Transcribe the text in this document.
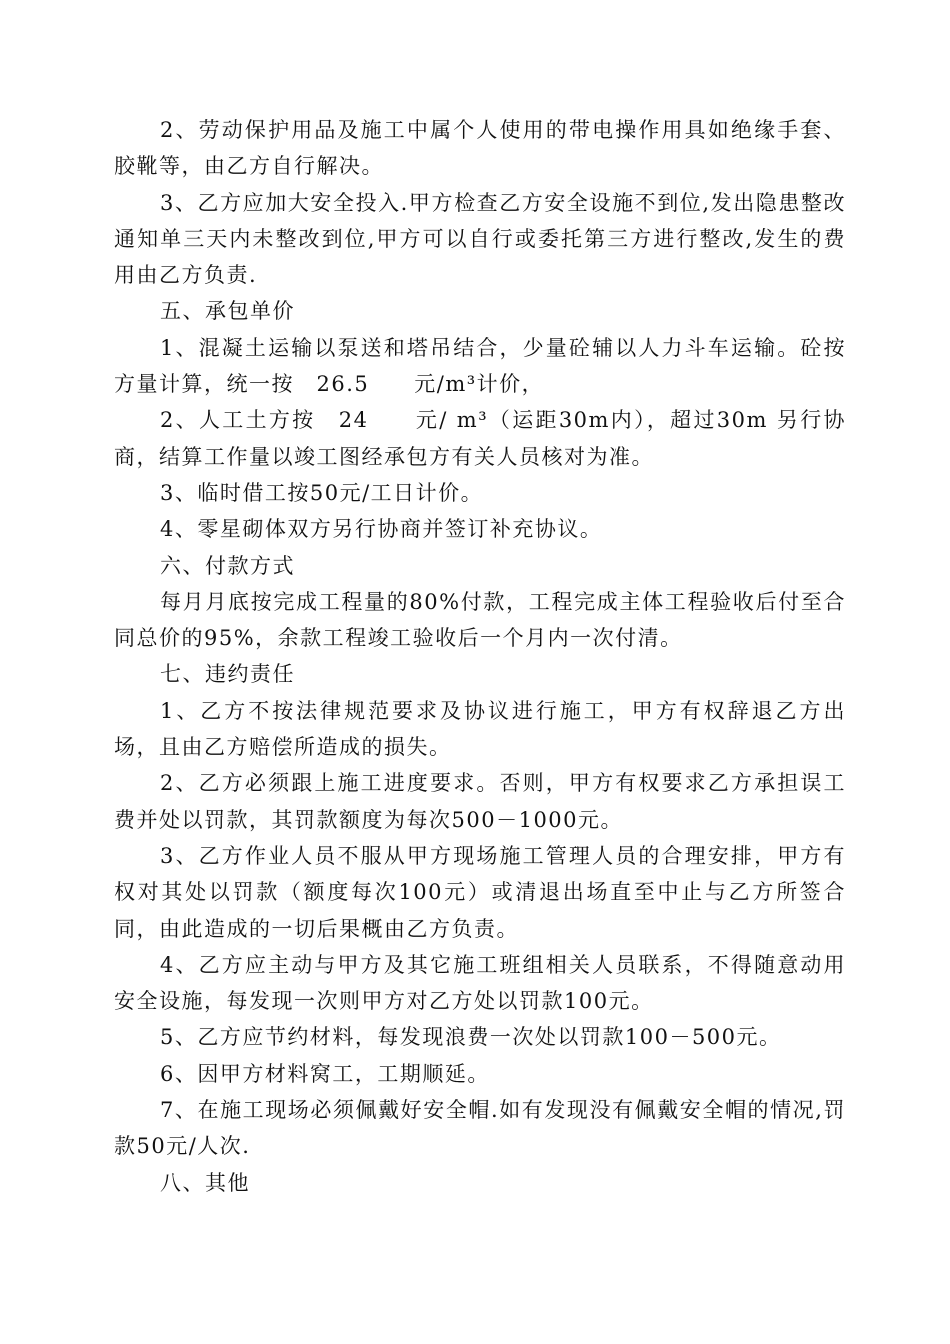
2、劳动保护用品及施工中属个人使用的带电操作用具如绝缘手套、胶靴等，由乙方自行解决。

3、乙方应加大安全投入.甲方检查乙方安全设施不到位,发出隐患整改通知单三天内未整改到位,甲方可以自行或委托第三方进行整改,发生的费用由乙方负责.

五、承包单价

1、混凝土运输以泵送和塔吊结合，少量砼辅以人力斗车运输。砼按方量计算，统一按　26.5　　元/m³计价，

2、人工土方按　24　　元/ m³（运距30m内），超过30m 另行协商，结算工作量以竣工图经承包方有关人员核对为准。

3、临时借工按50元/工日计价。

4、零星砌体双方另行协商并签订补充协议。

六、付款方式

每月月底按完成工程量的80%付款，工程完成主体工程验收后付至合同总价的95%，余款工程竣工验收后一个月内一次付清。

七、违约责任

1、乙方不按法律规范要求及协议进行施工，甲方有权辞退乙方出场，且由乙方赔偿所造成的损失。

2、乙方必须跟上施工进度要求。否则，甲方有权要求乙方承担误工费并处以罚款，其罚款额度为每次500－1000元。

3、乙方作业人员不服从甲方现场施工管理人员的合理安排，甲方有权对其处以罚款（额度每次100元）或清退出场直至中止与乙方所签合同，由此造成的一切后果概由乙方负责。

4、乙方应主动与甲方及其它施工班组相关人员联系，不得随意动用安全设施，每发现一次则甲方对乙方处以罚款100元。

5、乙方应节约材料，每发现浪费一次处以罚款100－500元。

6、因甲方材料窝工，工期顺延。

7、在施工现场必须佩戴好安全帽.如有发现没有佩戴安全帽的情况,罚款50元/人次.

八、其他
